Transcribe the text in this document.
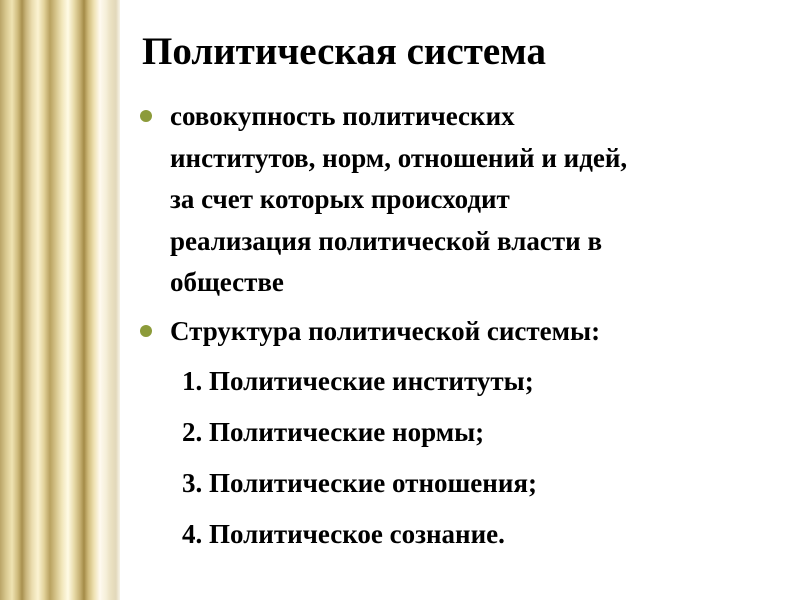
Политическая система
совокупность политических
институтов, норм, отношений и идей,
за счет которых происходит
реализация политической власти в
обществе
Структура политической системы:
1. Политические институты;
2. Политические нормы;
3. Политические отношения;
4. Политическое сознание.
